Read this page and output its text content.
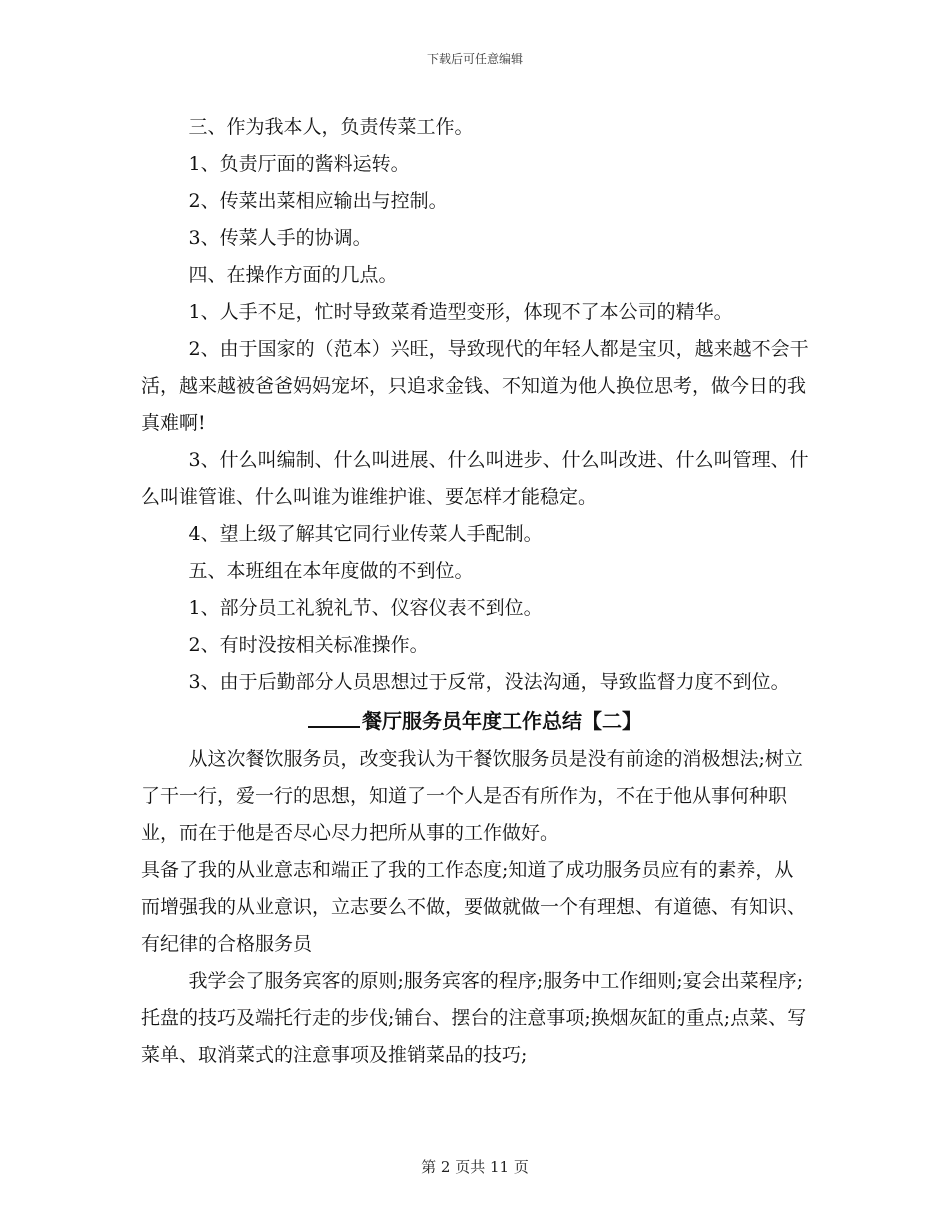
下载后可任意编辑

三、作为我本人，负责传菜工作。

1、负责厅面的酱料运转。

2、传菜出菜相应输出与控制。

3、传菜人手的协调。

四、在操作方面的几点。

1、人手不足，忙时导致菜肴造型变形，体现不了本公司的精华。

2、由于国家的（范本）兴旺，导致现代的年轻人都是宝贝，越来越不会干活，越来越被爸爸妈妈宠坏，只追求金钱、不知道为他人换位思考，做今日的我真难啊!

3、什么叫编制、什么叫进展、什么叫进步、什么叫改进、什么叫管理、什么叫谁管谁、什么叫谁为谁维护谁、要怎样才能稳定。

4、望上级了解其它同行业传菜人手配制。

五、本班组在本年度做的不到位。

1、部分员工礼貌礼节、仪容仪表不到位。

2、有时没按相关标准操作。

3、由于后勤部分人员思想过于反常，没法沟通，导致监督力度不到位。

餐厅服务员年度工作总结【二】

从这次餐饮服务员，改变我认为干餐饮服务员是没有前途的消极想法;树立了干一行，爱一行的思想，知道了一个人是否有所作为，不在于他从事何种职业，而在于他是否尽心尽力把所从事的工作做好。

具备了我的从业意志和端正了我的工作态度;知道了成功服务员应有的素养，从而增强我的从业意识，立志要么不做，要做就做一个有理想、有道德、有知识、有纪律的合格服务员

我学会了服务宾客的原则;服务宾客的程序;服务中工作细则;宴会出菜程序;托盘的技巧及端托行走的步伐;铺台、摆台的注意事项;换烟灰缸的重点;点菜、写菜单、取消菜式的注意事项及推销菜品的技巧;

第 2 页共 11 页
